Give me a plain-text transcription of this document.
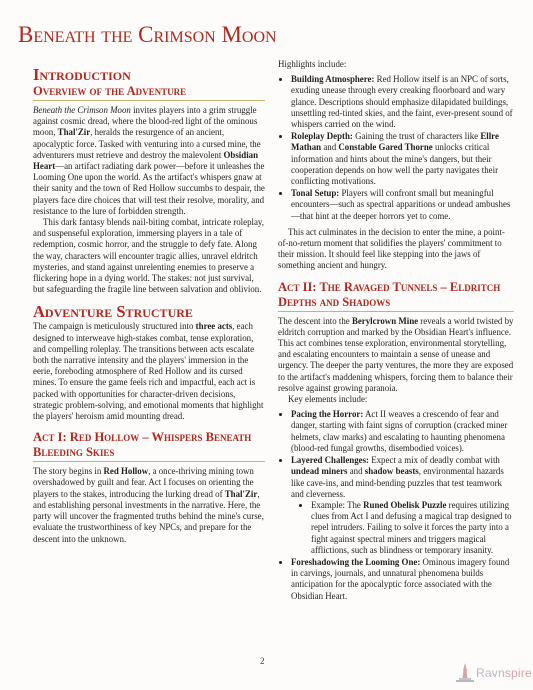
Beneath the Crimson Moon
Introduction
Overview of the Adventure

Beneath the Crimson Moon invites players into a grim struggle against cosmic dread, where the blood-red light of the ominous moon, Thal'Zir, heralds the resurgence of an ancient, apocalyptic force. Tasked with venturing into a cursed mine, the adventurers must retrieve and destroy the malevolent Obsidian Heart—an artifact radiating dark power—before it unleashes the Looming One upon the world. As the artifact's whispers gnaw at their sanity and the town of Red Hollow succumbs to despair, the players face dire choices that will test their resolve, morality, and resistance to the lure of forbidden strength.

This dark fantasy blends nail-biting combat, intricate roleplay, and suspenseful exploration, immersing players in a tale of redemption, cosmic horror, and the struggle to defy fate. Along the way, characters will encounter tragic allies, unravel eldritch mysteries, and stand against unrelenting enemies to preserve a flickering hope in a dying world. The stakes: not just survival, but safeguarding the fragile line between salvation and oblivion.

Adventure Structure

The campaign is meticulously structured into three acts, each designed to interweave high-stakes combat, tense exploration, and compelling roleplay. The transitions between acts escalate both the narrative intensity and the players' immersion in the eerie, foreboding atmosphere of Red Hollow and its cursed mines. To ensure the game feels rich and impactful, each act is packed with opportunities for character-driven decisions, strategic problem-solving, and emotional moments that highlight the players' heroism amid mounting dread.

Act I: Red Hollow – Whispers Beneath Bleeding Skies

The story begins in Red Hollow, a once-thriving mining town overshadowed by guilt and fear. Act I focuses on orienting the players to the stakes, introducing the lurking dread of Thal'Zir, and establishing personal investments in the narrative. Here, the party will uncover the fragmented truths behind the mine's curse, evaluate the trustworthiness of key NPCs, and prepare for the descent into the unknown.

Highlights include:

• Building Atmosphere: Red Hollow itself is an NPC of sorts, exuding unease through every creaking floorboard and wary glance. Descriptions should emphasize dilapidated buildings, unsettling red-tinted skies, and the faint, ever-present sound of whispers carried on the wind.
• Roleplay Depth: Gaining the trust of characters like Ellre Mathan and Constable Gared Thorne unlocks critical information and hints about the mine's dangers, but their cooperation depends on how well the party navigates their conflicting motivations.
• Tonal Setup: Players will confront small but meaningful encounters—such as spectral apparitions or undead ambushes—that hint at the deeper horrors yet to come.

This act culminates in the decision to enter the mine, a point-of-no-return moment that solidifies the players' commitment to their mission. It should feel like stepping into the jaws of something ancient and hungry.

Act II: The Ravaged Tunnels – Eldritch Depths and Shadows

The descent into the Berylcrown Mine reveals a world twisted by eldritch corruption and marked by the Obsidian Heart's influence. This act combines tense exploration, environmental storytelling, and escalating encounters to maintain a sense of unease and urgency. The deeper the party ventures, the more they are exposed to the artifact's maddening whispers, forcing them to balance their resolve against growing paranoia.

Key elements include:

• Pacing the Horror: Act II weaves a crescendo of fear and danger, starting with faint signs of corruption (cracked miner helmets, claw marks) and escalating to haunting phenomena (blood-red fungal growths, disembodied voices).
• Layered Challenges: Expect a mix of deadly combat with undead miners and shadow beasts, environmental hazards like cave-ins, and mind-bending puzzles that test teamwork and cleverness.
• Example: The Runed Obelisk Puzzle requires utilizing clues from Act I and defusing a magical trap designed to repel intruders. Failing to solve it forces the party into a fight against spectral miners and triggers magical afflictions, such as blindness or temporary insanity.
• Foreshadowing the Looming One: Ominous imagery found in carvings, journals, and unnatural phenomena builds anticipation for the apocalyptic force associated with the Obsidian Heart.
2
Ravnspire
